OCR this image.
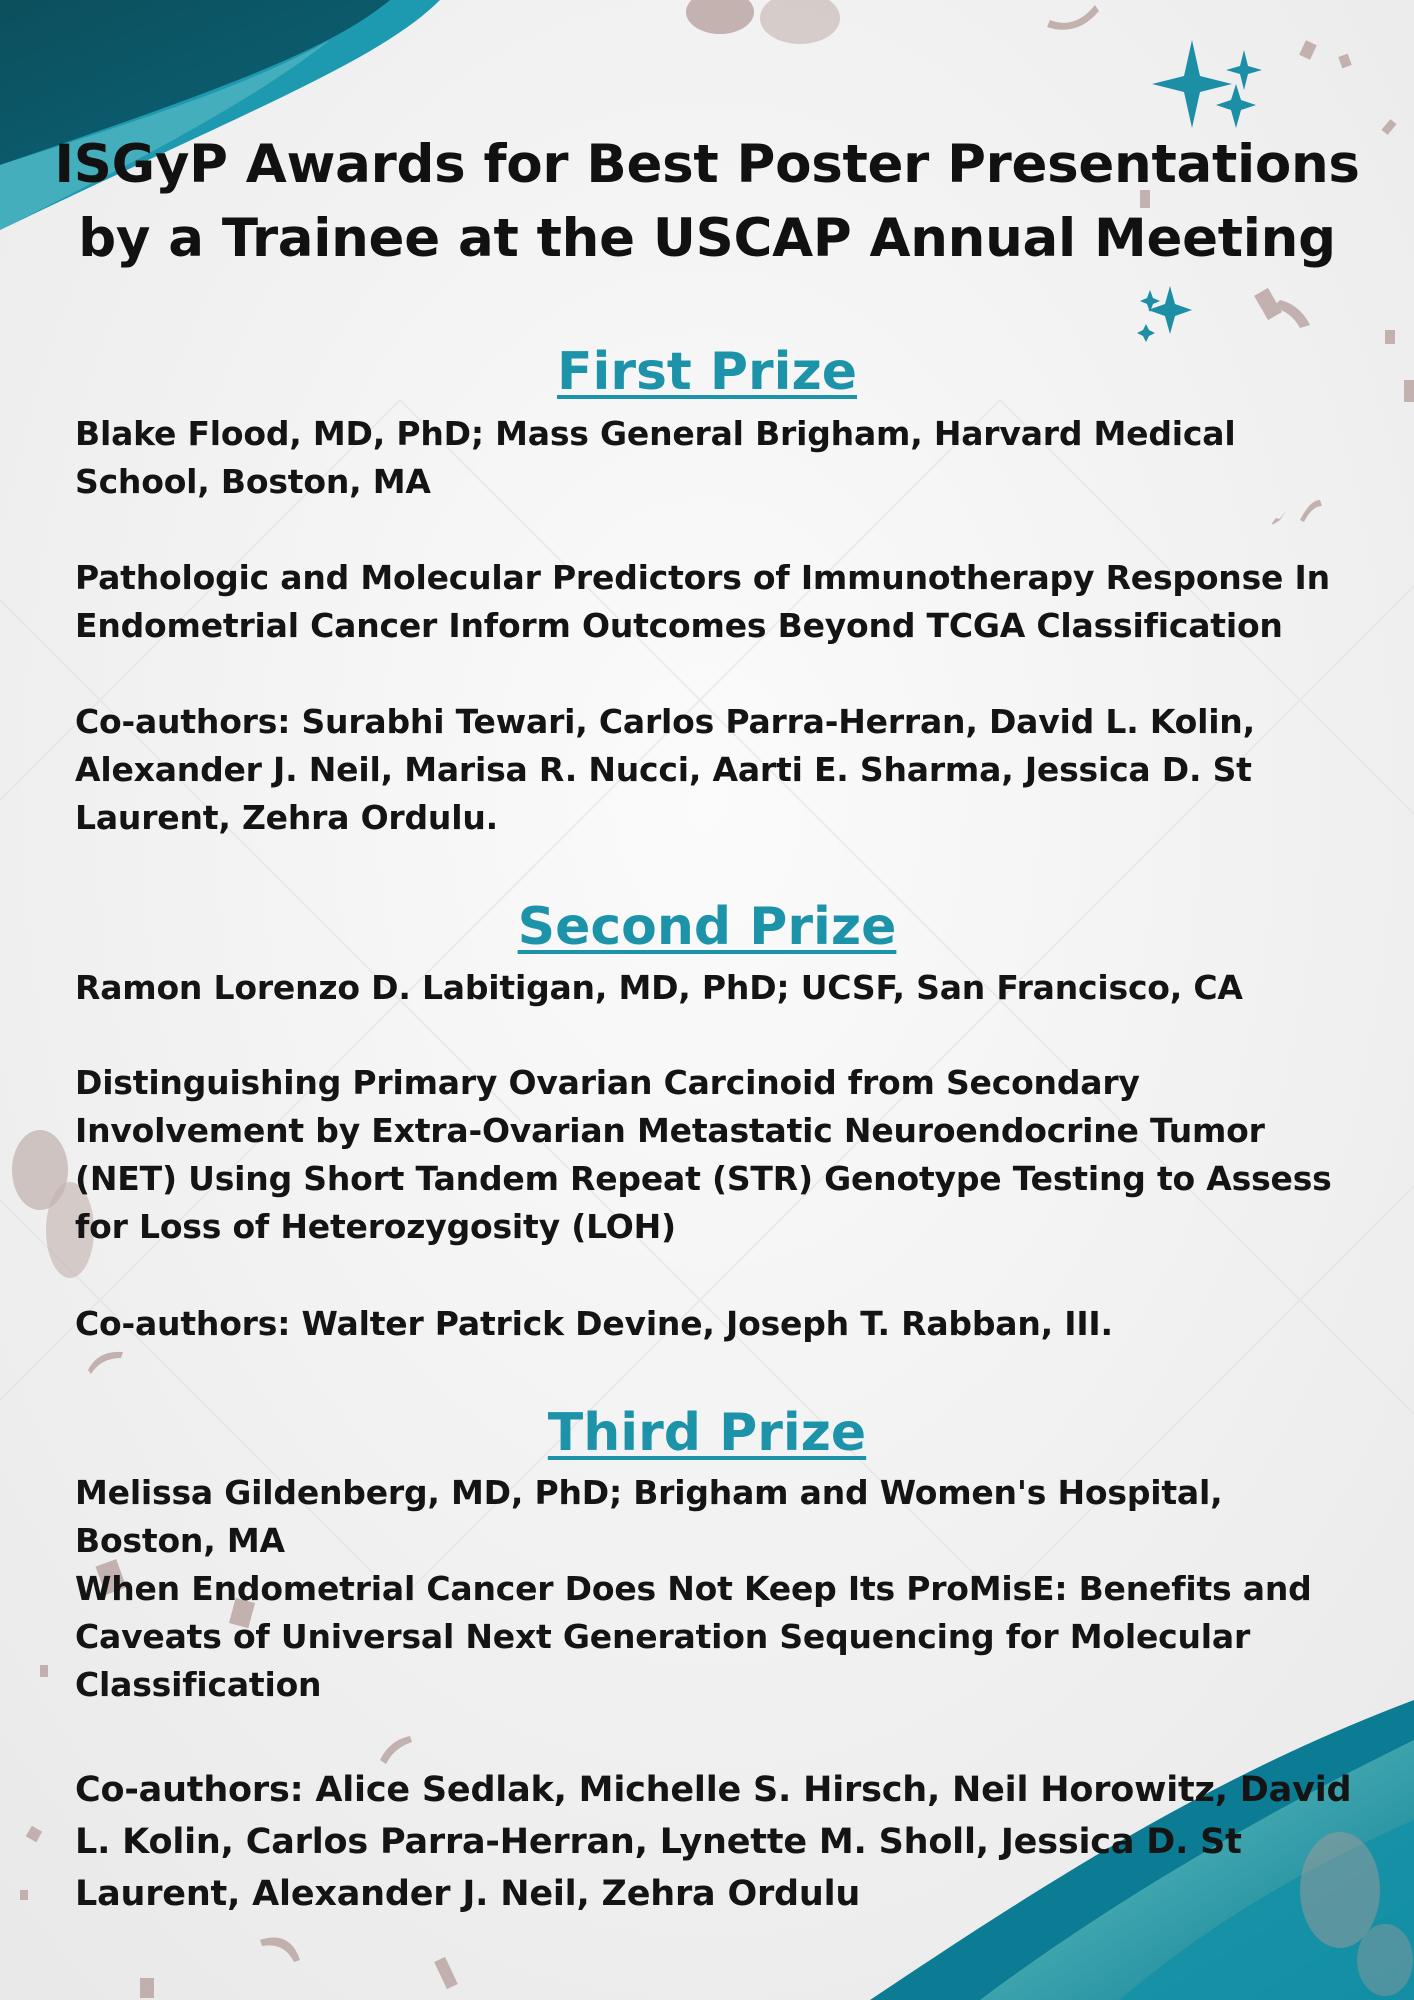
ISGyP Awards for Best Poster Presentations by a Trainee at the USCAP Annual Meeting
First Prize
Blake Flood, MD, PhD; Mass General Brigham, Harvard Medical School, Boston, MA
Pathologic and Molecular Predictors of Immunotherapy Response In Endometrial Cancer Inform Outcomes Beyond TCGA Classification
Co-authors: Surabhi Tewari, Carlos Parra-Herran, David L. Kolin, Alexander J. Neil, Marisa R. Nucci, Aarti E. Sharma, Jessica D. St Laurent, Zehra Ordulu.
Second Prize
Ramon Lorenzo D. Labitigan, MD, PhD; UCSF, San Francisco, CA
Distinguishing Primary Ovarian Carcinoid from Secondary Involvement by Extra-Ovarian Metastatic Neuroendocrine Tumor (NET) Using Short Tandem Repeat (STR) Genotype Testing to Assess for Loss of Heterozygosity (LOH)
Co-authors: Walter Patrick Devine, Joseph T. Rabban, III.
Third Prize
Melissa Gildenberg, MD, PhD; Brigham and Women's Hospital, Boston, MA
When Endometrial Cancer Does Not Keep Its ProMisE: Benefits and Caveats of Universal Next Generation Sequencing for Molecular Classification
Co-authors: Alice Sedlak, Michelle S. Hirsch, Neil Horowitz, David L. Kolin, Carlos Parra-Herran, Lynette M. Sholl, Jessica D. St Laurent, Alexander J. Neil, Zehra Ordulu
